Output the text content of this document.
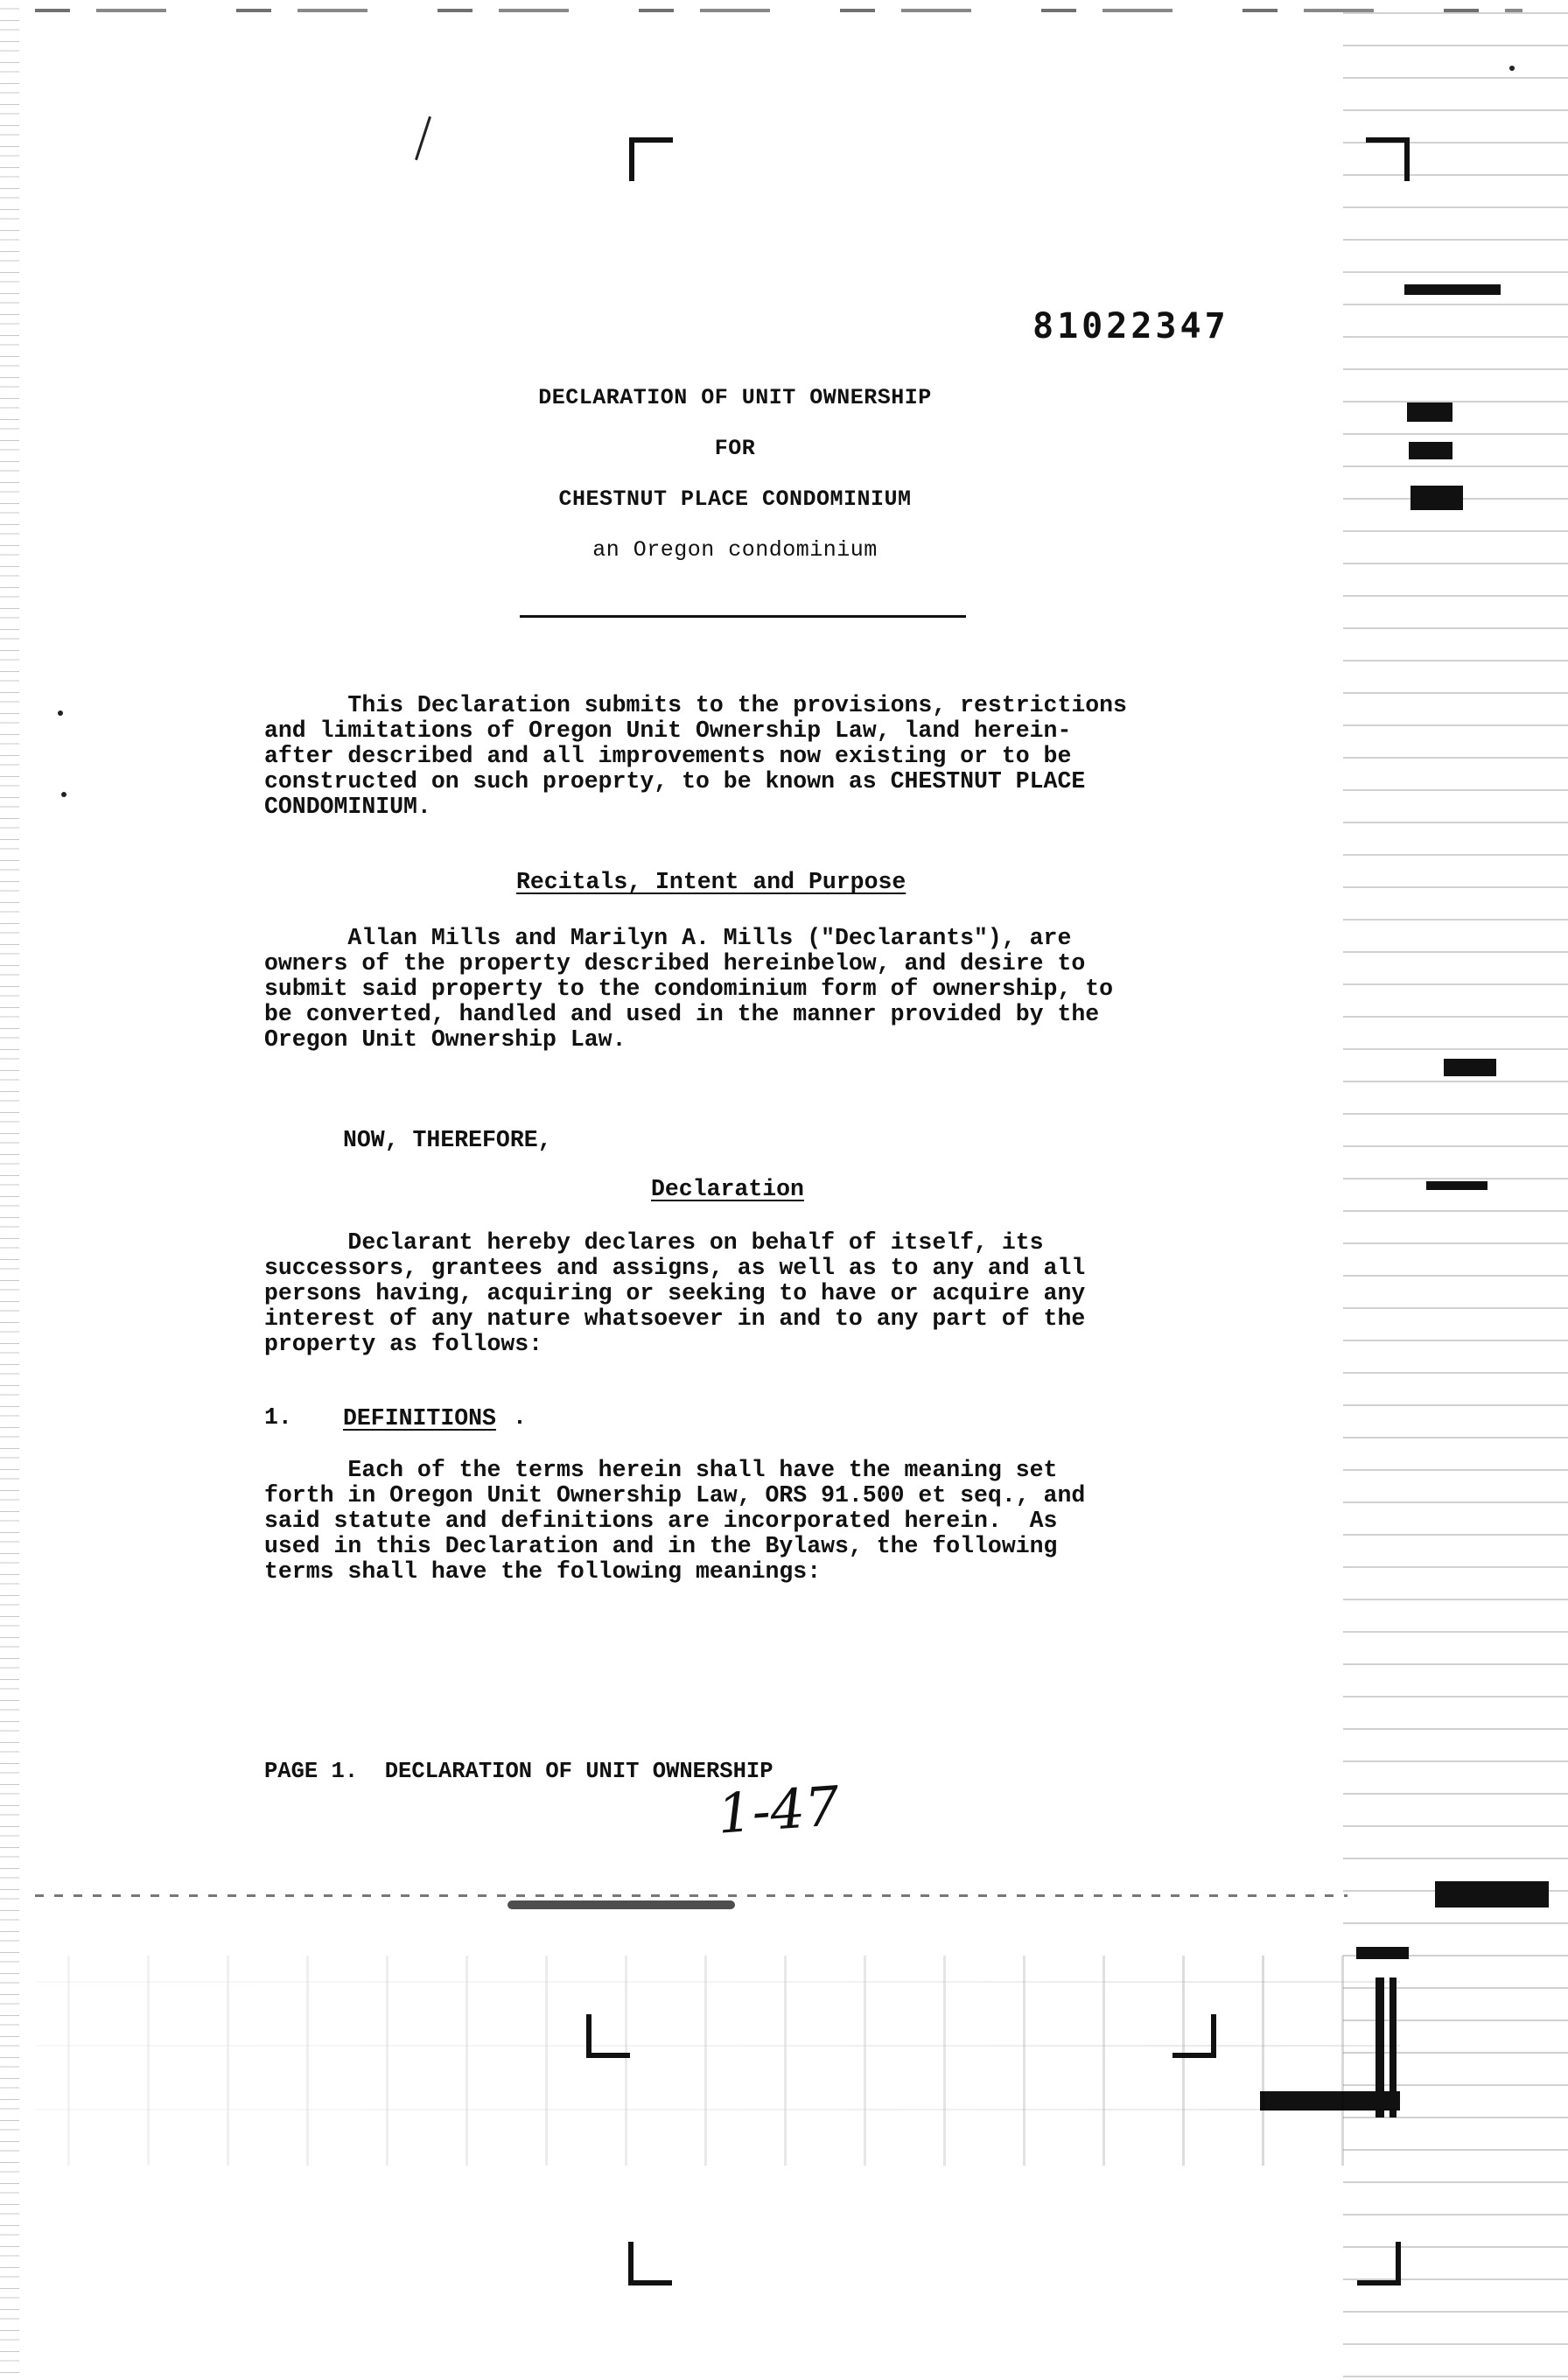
81022347
DECLARATION OF UNIT OWNERSHIP
FOR
CHESTNUT PLACE CONDOMINIUM
an Oregon condominium
This Declaration submits to the provisions, restrictions
and limitations of Oregon Unit Ownership Law, land herein-
after described and all improvements now existing or to be
constructed on such proeprty, to be known as CHESTNUT PLACE
CONDOMINIUM.
Recitals, Intent and Purpose
Allan Mills and Marilyn A. Mills ("Declarants"), are
owners of the property described hereinbelow, and desire to
submit said property to the condominium form of ownership, to
be converted, handled and used in the manner provided by the
Oregon Unit Ownership Law.
NOW, THEREFORE,
Declaration
Declarant hereby declares on behalf of itself, its
successors, grantees and assigns, as well as to any and all
persons having, acquiring or seeking to have or acquire any
interest of any nature whatsoever in and to any part of the
property as follows:
1.	DEFINITIONS .
Each of the terms herein shall have the meaning set
forth in Oregon Unit Ownership Law, ORS 91.500 et seq., and
said statute and definitions are incorporated herein.  As
used in this Declaration and in the Bylaws, the following
terms shall have the following meanings:
PAGE 1.  DECLARATION OF UNIT OWNERSHIP
1-47
